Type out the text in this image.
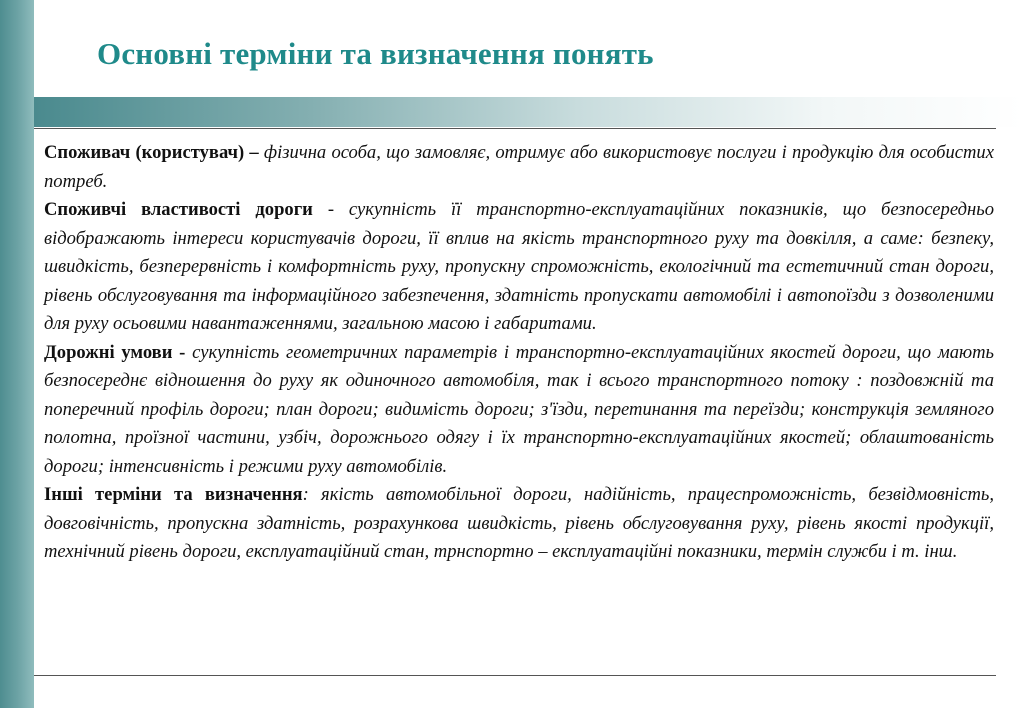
Основні терміни та визначення понять

Споживач (користувач) – фізична особа, що замовляє, отримує або використовує послуги і продукцію для особистих потреб.

Споживчі властивості дороги - сукупність її транспортно-експлуатаційних показників, що безпосередньо відображають інтереси користувачів дороги, її вплив на якість транспортного руху та довкілля, а саме: безпеку, швидкість, безперервність і комфортність руху, пропускну спроможність, екологічний та естетичний стан дороги, рівень обслуговування та інформаційного забезпечення, здатність пропускати автомобілі і автопоїзди з дозволеними для руху осьовими навантаженнями, загальною масою і габаритами.

Дорожні умови - сукупність геометричних параметрів і транспортно-експлуатаційних якостей дороги, що мають безпосереднє відношення до руху як одиночного автомобіля, так і всього транспортного потоку : поздовжній та поперечний профіль дороги; план дороги; видимість дороги; з'їзди, перетинання та переїзди; конструкція земляного полотна, проїзної частини, узбіч, дорожнього одягу і їх транспортно-експлуатаційних якостей; облаштованість дороги; інтенсивність і режими руху автомобілів.

Інші терміни та визначення: якість автомобільної дороги, надійність, працеспроможність, безвідмовність, довговічність, пропускна здатність, розрахункова швидкість, рівень обслуговування руху, рівень якості продукції, технічний рівень дороги, експлуатаційний стан, трнспортно – експлуатаційні показники, термін служби і т. інш.
